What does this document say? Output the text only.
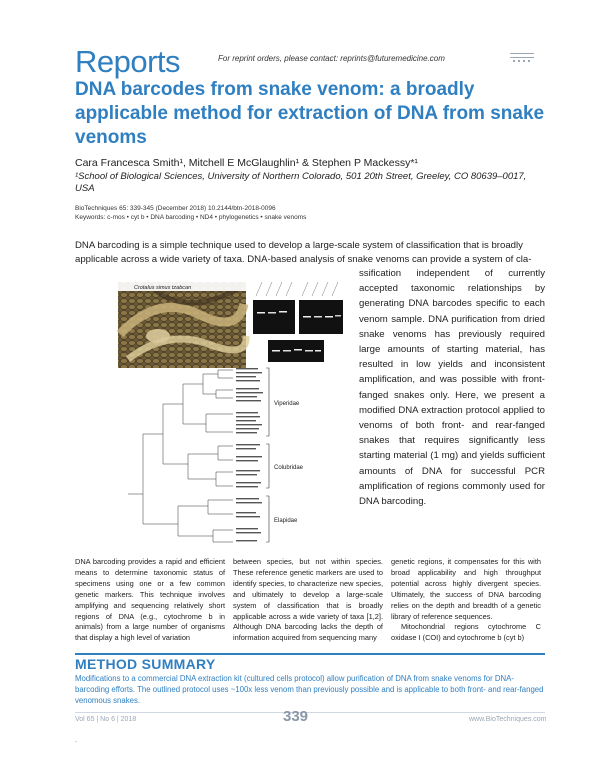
Reports	For reprint orders, please contact: reprints@futuremedicine.com
DNA barcodes from snake venom: a broadly applicable method for extraction of DNA from snake venoms
Cara Francesca Smith¹, Mitchell E McGlaughlin¹ & Stephen P Mackessy*¹
¹School of Biological Sciences, University of Northern Colorado, 501 20th Street, Greeley, CO 80639–0017, USA
BioTechniques 65: 339-345 (December 2018) 10.2144/btn-2018-0096
Keywords: c-mos • cyt b • DNA barcoding • ND4 • phylogenetics • snake venoms
DNA barcoding is a simple technique used to develop a large-scale system of classification that is broadly applicable across a wide variety of taxa. DNA-based analysis of snake venoms can provide a system of cla-
ssification independent of currently accepted taxonomic relationships by generating DNA barcodes specific to each venom sample. DNA purification from dried snake venoms has previously required large amounts of starting material, has resulted in low yields and inconsistent amplification, and was possible with front-fanged snakes only. Here, we present a modified DNA extraction protocol applied to venoms of both front- and rear-fanged snakes that requires significantly less starting material (1 mg) and yields sufficient amounts of DNA for successful PCR amplification of regions commonly used for DNA barcoding.
Crotalus simus tzabcan
Viperidae
Colubridae
Elapidae
DNA barcoding provides a rapid and efficient means to determine taxonomic status of specimens using one or a few common genetic markers. This technique involves amplifying and sequencing relatively short regions of DNA (e.g., cytochrome b in animals) from a large number of organisms that display a high level of variation
between species, but not within species. These reference genetic markers are used to identify species, to characterize new species, and ultimately to develop a large-scale system of classification that is broadly applicable across a wide variety of taxa [1,2]. Although DNA barcoding lacks the depth of information acquired from sequencing many
genetic regions, it compensates for this with broad applicability and high throughput potential across highly divergent species. Ultimately, the success of DNA barcoding relies on the depth and breadth of a genetic library of reference sequences.
Mitochondrial regions cytochrome C oxidase I (COI) and cytochrome b (cyt b)
METHOD SUMMARY
Modifications to a commercial DNA extraction kit (cultured cells protocol) allow purification of DNA from snake venoms for DNA-barcoding efforts. The outlined protocol uses ~100x less venom than previously possible and is applicable to both front- and rear-fanged venomous snakes.
Vol 65 | No 6 | 2018	339	www.BioTechniques.com
-
